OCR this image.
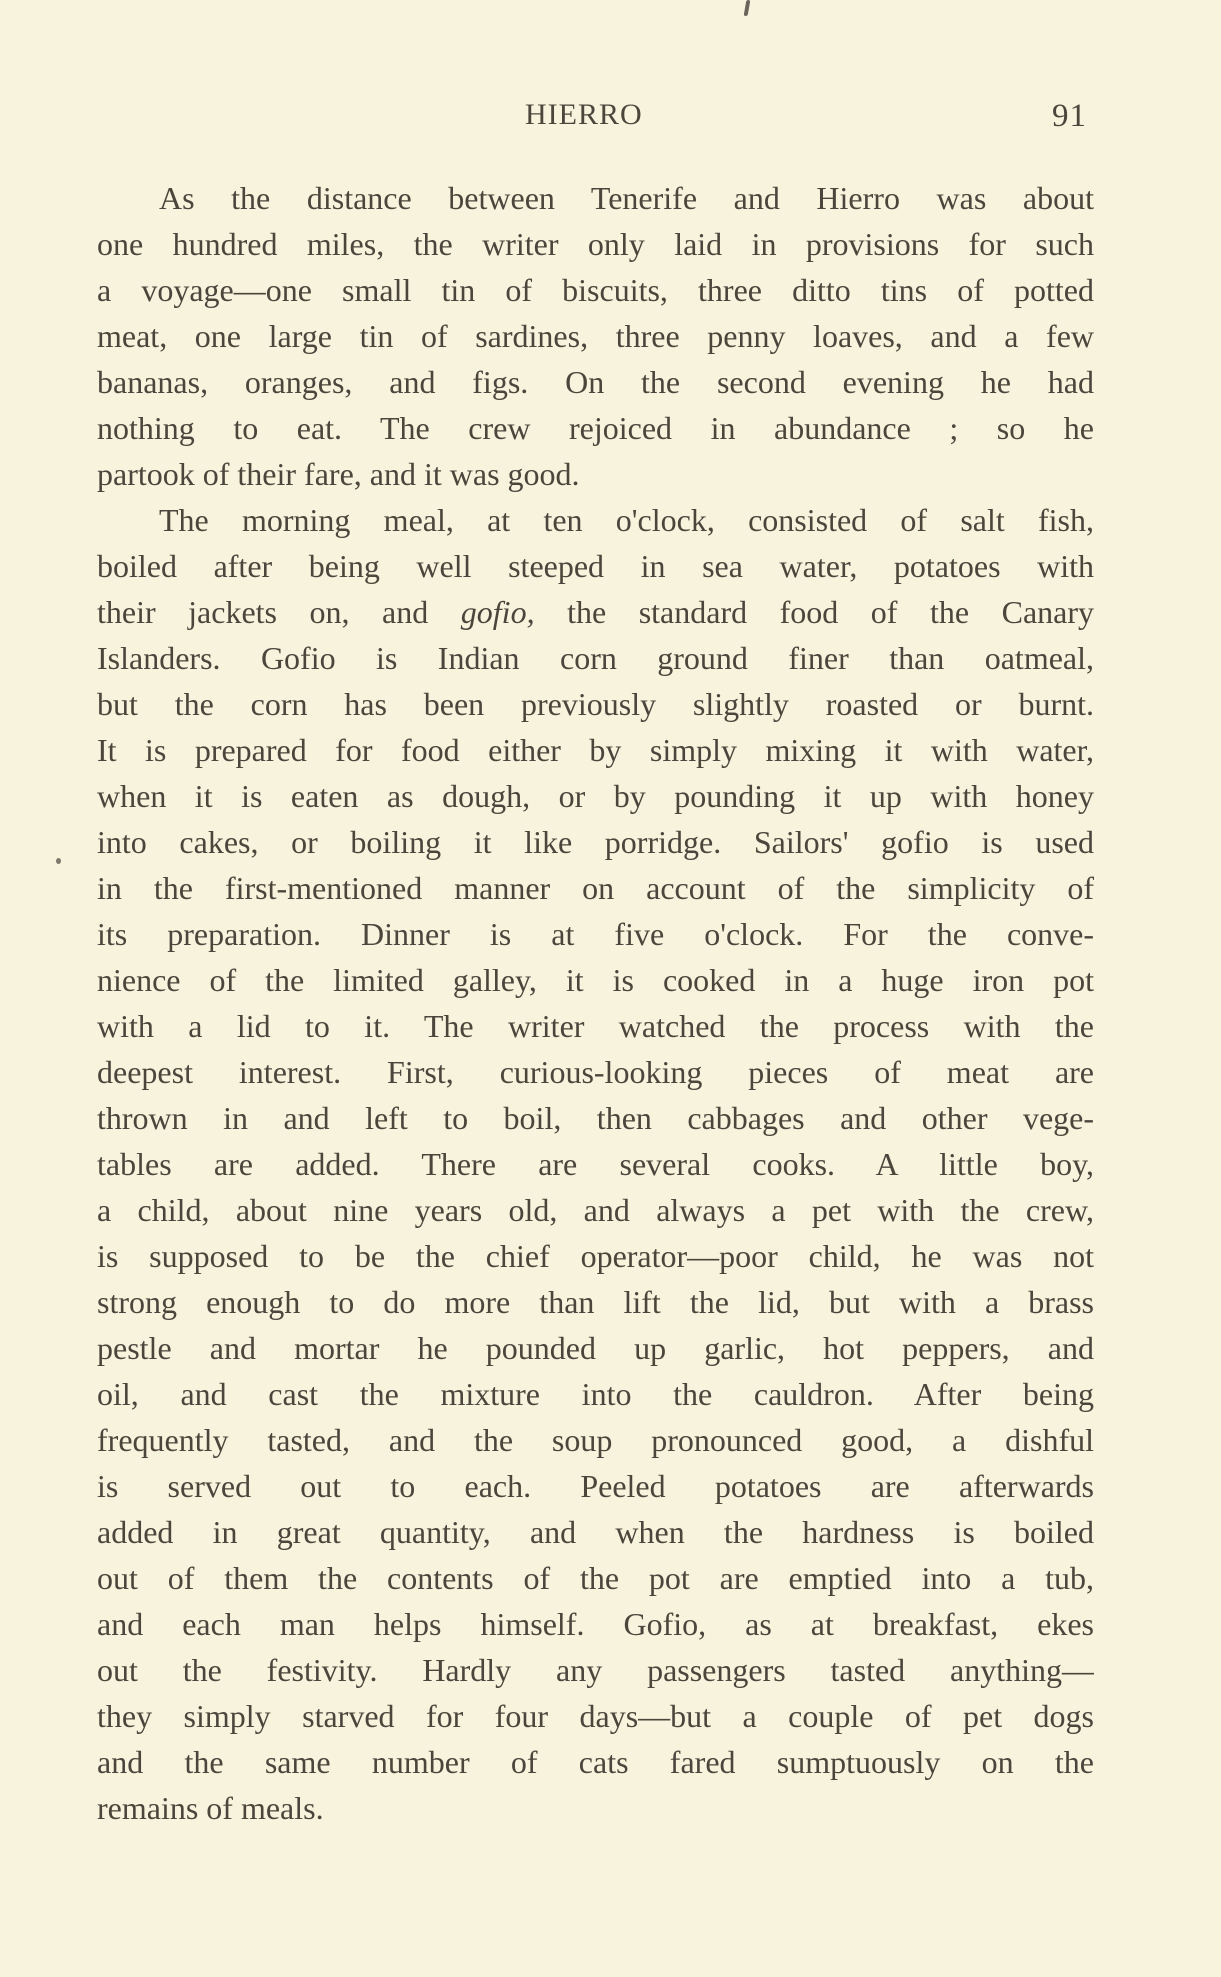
HIERRO	91
As the distance between Tenerife and Hierro was about
one hundred miles, the writer only laid in provisions for such
a voyage—one small tin of biscuits, three ditto tins of potted
meat, one large tin of sardines, three penny loaves, and a few
bananas, oranges, and figs. On the second evening he had
nothing to eat. The crew rejoiced in abundance ; so he
partook of their fare, and it was good.
The morning meal, at ten o'clock, consisted of salt fish,
boiled after being well steeped in sea water, potatoes with
their jackets on, and gofio, the standard food of the Canary
Islanders. Gofio is Indian corn ground finer than oatmeal,
but the corn has been previously slightly roasted or burnt.
It is prepared for food either by simply mixing it with water,
when it is eaten as dough, or by pounding it up with honey
into cakes, or boiling it like porridge. Sailors' gofio is used
in the first-mentioned manner on account of the simplicity of
its preparation. Dinner is at five o'clock. For the conve-
nience of the limited galley, it is cooked in a huge iron pot
with a lid to it. The writer watched the process with the
deepest interest. First, curious-looking pieces of meat are
thrown in and left to boil, then cabbages and other vege-
tables are added. There are several cooks. A little boy,
a child, about nine years old, and always a pet with the crew,
is supposed to be the chief operator—poor child, he was not
strong enough to do more than lift the lid, but with a brass
pestle and mortar he pounded up garlic, hot peppers, and
oil, and cast the mixture into the cauldron. After being
frequently tasted, and the soup pronounced good, a dishful
is served out to each. Peeled potatoes are afterwards
added in great quantity, and when the hardness is boiled
out of them the contents of the pot are emptied into a tub,
and each man helps himself. Gofio, as at breakfast, ekes
out the festivity. Hardly any passengers tasted anything—
they simply starved for four days—but a couple of pet dogs
and the same number of cats fared sumptuously on the
remains of meals.
